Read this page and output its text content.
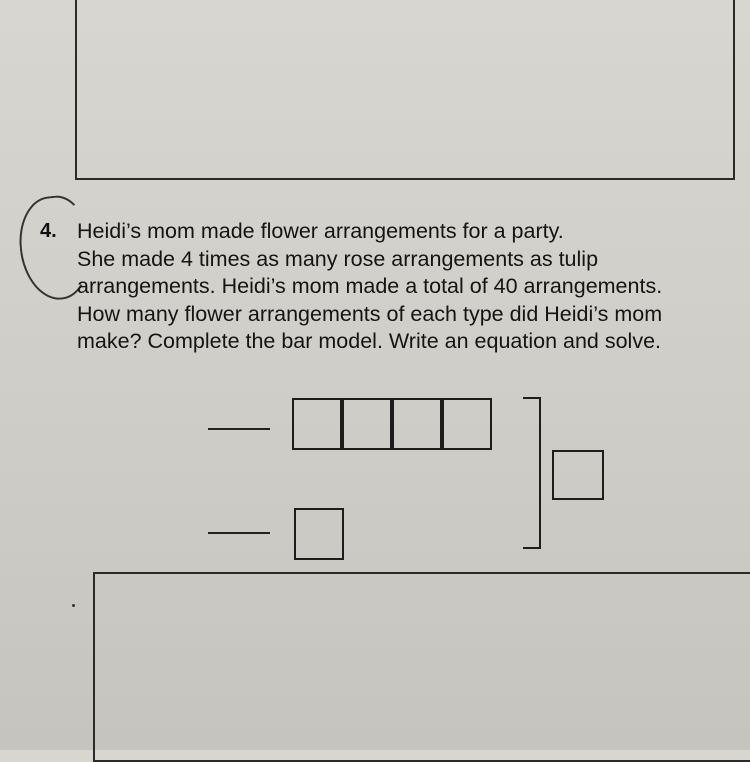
4. Heidi’s mom made flower arrangements for a party.
She made 4 times as many rose arrangements as tulip
arrangements. Heidi’s mom made a total of 40 arrangements.
How many flower arrangements of each type did Heidi’s mom
make? Complete the bar model. Write an equation and solve.
